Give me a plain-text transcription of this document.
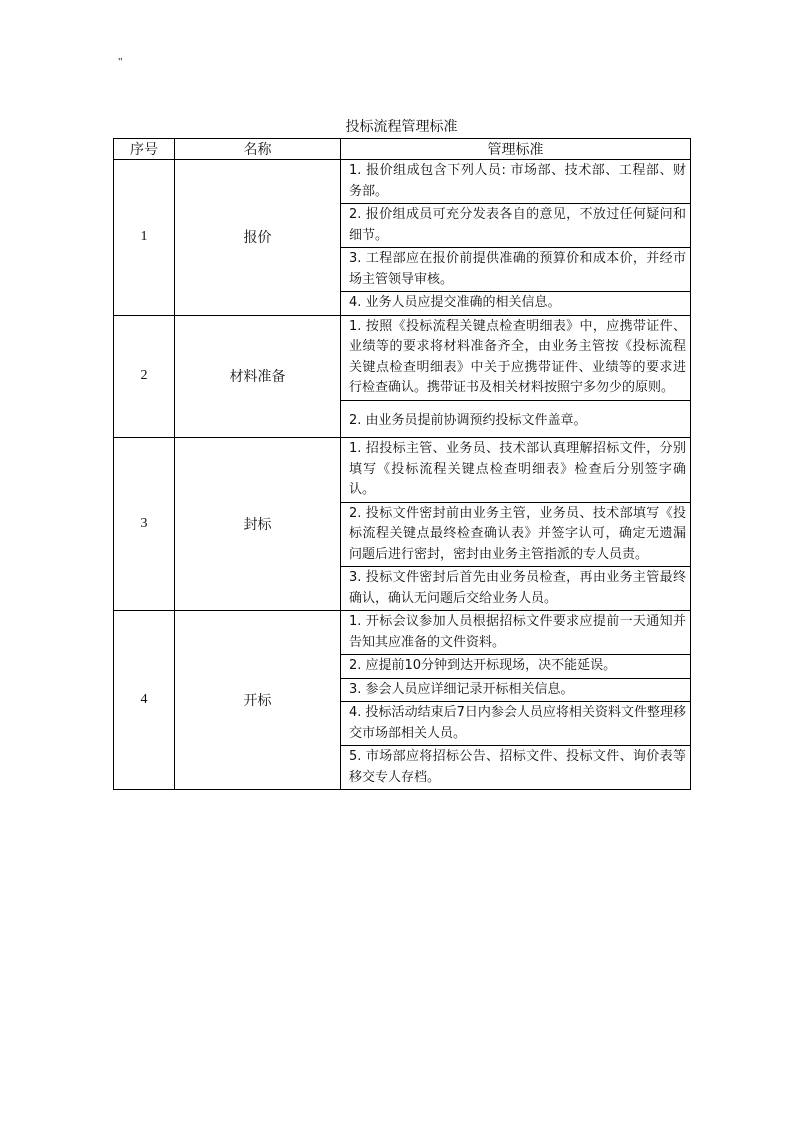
"
投标流程管理标准
序号	名称	管理标准
1	报价	1. 报价组成包含下列人员: 市场部、技术部、工程部、财务部。

		2. 报价组成员可充分发表各自的意见，不放过任何疑问和细节。

		3. 工程部应在报价前提供准确的预算价和成本价，并经市场主管领导审核。

		4. 业务人员应提交准确的相关信息。

2	材料准备	1. 按照《投标流程关键点检查明细表》中，应携带证件、业绩等的要求将材料准备齐全，由业务主管按《投标流程关键点检查明细表》中关于应携带证件、业绩等的要求进行检查确认。携带证书及相关材料按照宁多勿少的原则。

		2. 由业务员提前协调预约投标文件盖章。

3	封标	1. 招投标主管、业务员、技术部认真理解招标文件，分别填写《投标流程关键点检查明细表》检查后分别签字确认。

		2. 投标文件密封前由业务主管，业务员、技术部填写《投标流程关键点最终检查确认表》并签字认可，确定无遗漏问题后进行密封，密封由业务主管指派的专人员责。

		3. 投标文件密封后首先由业务员检查，再由业务主管最终确认，确认无问题后交给业务人员。

4	开标	1. 开标会议参加人员根据招标文件要求应提前一天通知并告知其应准备的文件资料。

		2. 应提前10分钟到达开标现场，决不能延误。

		3. 参会人员应详细记录开标相关信息。

		4. 投标活动结束后7日内参会人员应将相关资料文件整理移交市场部相关人员。

		5. 市场部应将招标公告、招标文件、投标文件、询价表等移交专人存档。
